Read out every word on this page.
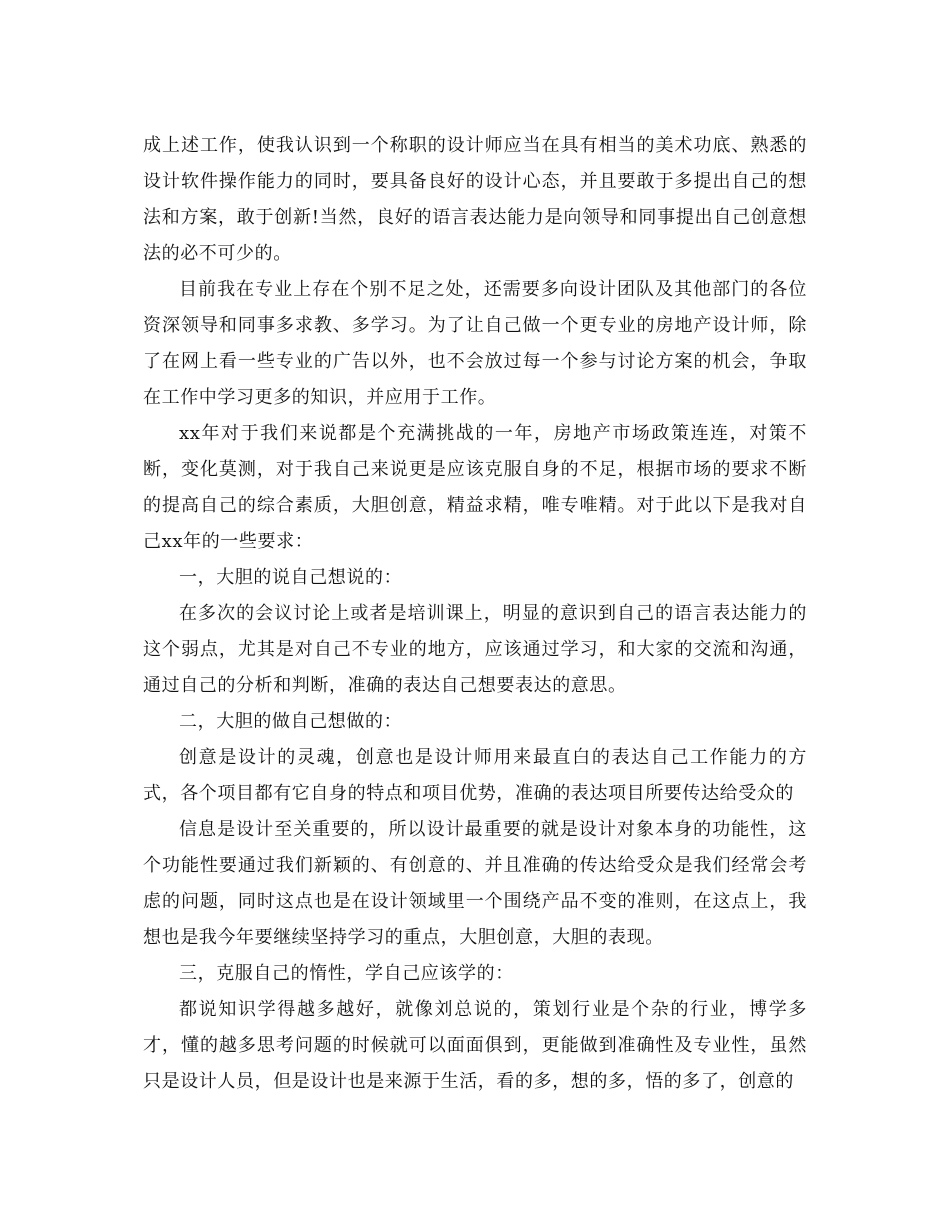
成上述工作，使我认识到一个称职的设计师应当在具有相当的美术功底、熟悉的设计软件操作能力的同时，要具备良好的设计心态，并且要敢于多提出自己的想法和方案，敢于创新!当然，良好的语言表达能力是向领导和同事提出自己创意想法的必不可少的。

目前我在专业上存在个别不足之处，还需要多向设计团队及其他部门的各位资深领导和同事多求教、多学习。为了让自己做一个更专业的房地产设计师，除了在网上看一些专业的广告以外，也不会放过每一个参与讨论方案的机会，争取在工作中学习更多的知识，并应用于工作。

xx年对于我们来说都是个充满挑战的一年，房地产市场政策连连，对策不断，变化莫测，对于我自己来说更是应该克服自身的不足，根据市场的要求不断的提高自己的综合素质，大胆创意，精益求精，唯专唯精。对于此以下是我对自己xx年的一些要求：

一，大胆的说自己想说的：

在多次的会议讨论上或者是培训课上，明显的意识到自己的语言表达能力的这个弱点，尤其是对自己不专业的地方，应该通过学习，和大家的交流和沟通，通过自己的分析和判断，准确的表达自己想要表达的意思。

二，大胆的做自己想做的：

创意是设计的灵魂，创意也是设计师用来最直白的表达自己工作能力的方式，各个项目都有它自身的特点和项目优势，准确的表达项目所要传达给受众的

信息是设计至关重要的，所以设计最重要的就是设计对象本身的功能性，这个功能性要通过我们新颖的、有创意的、并且准确的传达给受众是我们经常会考虑的问题，同时这点也是在设计领域里一个围绕产品不变的准则，在这点上，我想也是我今年要继续坚持学习的重点，大胆创意，大胆的表现。

三，克服自己的惰性，学自己应该学的：

都说知识学得越多越好，就像刘总说的，策划行业是个杂的行业，博学多才，懂的越多思考问题的时候就可以面面俱到，更能做到准确性及专业性，虽然只是设计人员，但是设计也是来源于生活，看的多，想的多，悟的多了，创意的
